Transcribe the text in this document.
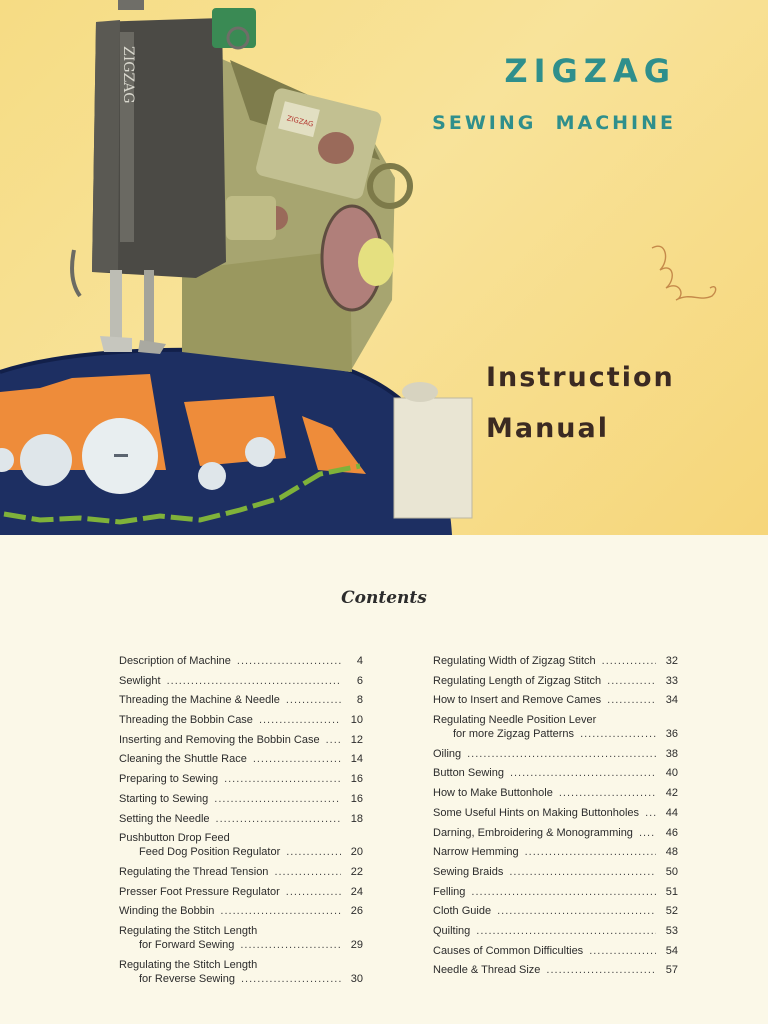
ZIGZAG
ZIGZAG	ZIGZAG
SEWING  MACHINE
Instruction
Manual
Contents
Description of Machine .....	4
Sewlight .....	6
Threading the Machine & Needle .....	8
Threading the Bobbin Case .....	10
Inserting and Removing the Bobbin Case .....	12
Cleaning the Shuttle Race .....	14
Preparing to Sewing .....	16
Starting to Sewing .....	16
Setting the Needle .....	18
Pushbutton Drop Feed
Feed Dog Position Regulator .....	20
Regulating the Thread Tension .....	22
Presser Foot Pressure Regulator .....	24
Winding the Bobbin .....	26
Regulating the Stitch Length
for Forward Sewing .....	29
Regulating the Stitch Length
for Reverse Sewing .....	30
Regulating Width of Zigzag Stitch .....	32
Regulating Length of Zigzag Stitch .....	33
How to Insert and Remove Cames .....	34
Regulating Needle Position Lever
for more Zigzag Patterns .....	36
Oiling .....	38
Button Sewing .....	40
How to Make Buttonhole .....	42
Some Useful Hints on Making Buttonholes .....	44
Darning, Embroidering & Monogramming .....	46
Narrow Hemming .....	48
Sewing Braids .....	50
Felling .....	51
Cloth Guide .....	52
Quilting .....	53
Causes of Common Difficulties .....	54
Needle & Thread Size .....	57
